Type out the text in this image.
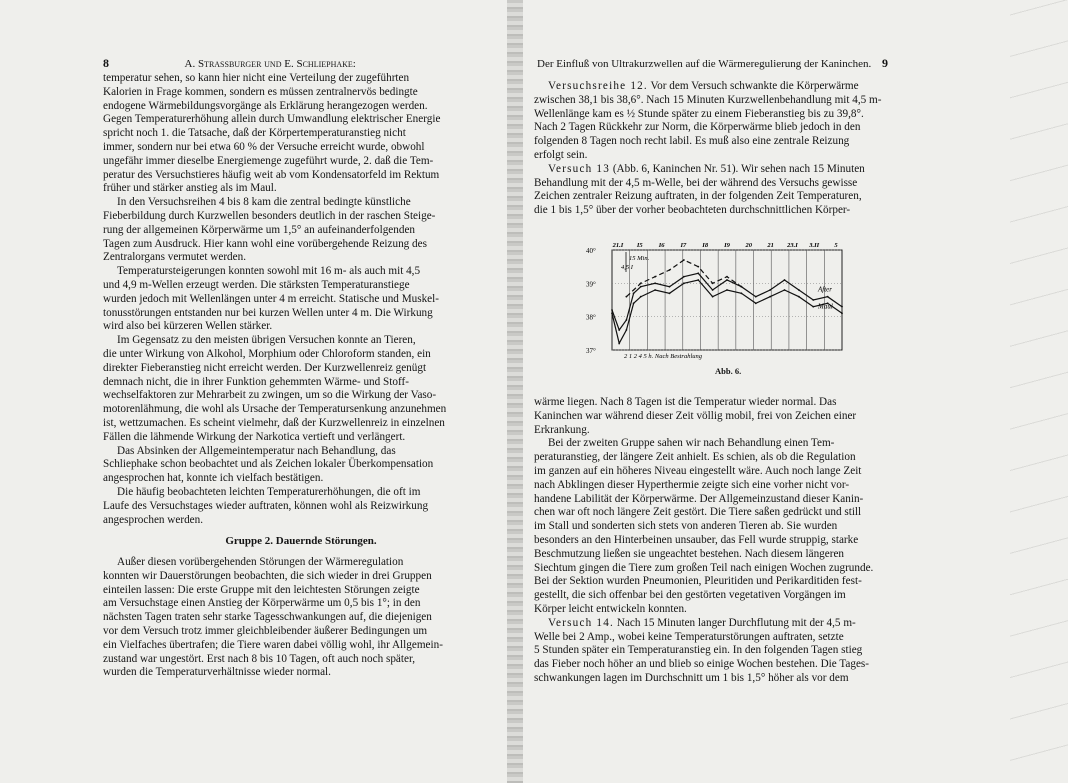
8	A. Strassburger und E. Schliephake:

temperatur sehen, so kann hier nicht eine Verteilung der zugeführten
Kalorien in Frage kommen, sondern es müssen zentralnervös bedingte
endogene Wärmebildungsvorgänge als Erklärung herangezogen werden.
Gegen Temperaturerhöhung allein durch Umwandlung elektrischer Energie
spricht noch 1. die Tatsache, daß der Körpertemperaturanstieg nicht
immer, sondern nur bei etwa 60 % der Versuche erreicht wurde, obwohl
ungefähr immer dieselbe Energiemenge zugeführt wurde, 2. daß die Tem-
peratur des Versuchstieres häufig weit ab vom Kondensatorfeld im Rektum
früher und stärker anstieg als im Maul.

In den Versuchsreihen 4 bis 8 kam die zentral bedingte künstliche
Fieberbildung durch Kurzwellen besonders deutlich in der raschen Steige-
rung der allgemeinen Körperwärme um 1,5° an aufeinanderfolgenden
Tagen zum Ausdruck. Hier kann wohl eine vorübergehende Reizung des
Zentralorgans vermutet werden.

Temperatursteigerungen konnten sowohl mit 16 m- als auch mit 4,5
und 4,9 m-Wellen erzeugt werden. Die stärksten Temperaturanstiege
wurden jedoch mit Wellenlängen unter 4 m erreicht. Statische und Muskel-
tonusstörungen entstanden nur bei kurzen Wellen unter 4 m. Die Wirkung
wird also bei kürzeren Wellen stärker.

Im Gegensatz zu den meisten übrigen Versuchen konnte an Tieren,
die unter Wirkung von Alkohol, Morphium oder Chloroform standen, ein
direkter Fieberanstieg nicht erreicht werden. Der Kurzwellenreiz genügt
demnach nicht, die in ihrer Funktion gehemmten Wärme- und Stoff-
wechselfaktoren zur Mehrarbeit zu zwingen, um so die Wirkung der Vaso-
motorenlähmung, die wohl als Ursache der Temperatursenkung anzunehmen
ist, wettzumachen. Es scheint vielmehr, daß der Kurzwellenreiz in einzelnen
Fällen die lähmende Wirkung der Narkotica vertieft und verlängert.

Das Absinken der Allgemeintemperatur nach Behandlung, das
Schliephake schon beobachtet und als Zeichen lokaler Überkompensation
angesprochen hat, konnte ich vielfach bestätigen.

Die häufig beobachteten leichten Temperaturerhöhungen, die oft im
Laufe des Versuchstages wieder auftraten, können wohl als Reizwirkung
angesprochen werden.

Gruppe 2. Dauernde Störungen.

Außer diesen vorübergehenden Störungen der Wärmeregulation
konnten wir Dauerstörungen beobachten, die sich wieder in drei Gruppen
einteilen lassen: Die erste Gruppe mit den leichtesten Störungen zeigte
am Versuchstage einen Anstieg der Körperwärme um 0,5 bis 1°; in den
nächsten Tagen traten sehr starke Tagesschwankungen auf, die diejenigen
vor dem Versuch trotz immer gleichbleibender äußerer Bedingungen um
ein Vielfaches übertrafen; die Tiere waren dabei völlig wohl, ihr Allgemein-
zustand war ungestört. Erst nach 8 bis 10 Tagen, oft auch noch später,
wurden die Temperaturverhältnisse wieder normal.

Der Einfluß von Ultrakurzwellen auf die Wärmeregulierung der Kaninchen. 9

Versuchsreihe 12. Vor dem Versuch schwankte die Körperwärme
zwischen 38,1 bis 38,6°. Nach 15 Minuten Kurzwellenbehandlung mit 4,5 m-
Wellenlänge kam es ½ Stunde später zu einem Fieberanstieg bis zu 39,8°.
Nach 2 Tagen Rückkehr zur Norm, die Körperwärme blieb jedoch in den
folgenden 8 Tagen noch recht labil. Es muß also eine zentrale Reizung
erfolgt sein.

Versuch 13 (Abb. 6, Kaninchen Nr. 51). Wir sehen nach 15 Minuten
Behandlung mit der 4,5 m-Welle, bei der während des Versuchs gewisse
Zeichen zentraler Reizung auftraten, in der folgenden Zeit Temperaturen,
die 1 bis 1,5° über der vorher beobachteten durchschnittlichen Körper-

wärme liegen. Nach 8 Tagen ist die Temperatur wieder normal. Das
Kaninchen war während dieser Zeit völlig mobil, frei von Zeichen einer
Erkrankung.

Bei der zweiten Gruppe sahen wir nach Behandlung einen Tem-
peraturanstieg, der längere Zeit anhielt. Es schien, als ob die Regulation
im ganzen auf ein höheres Niveau eingestellt wäre. Auch noch lange Zeit
nach Abklingen dieser Hyperthermie zeigte sich eine vorher nicht vor-
handene Labilität der Körperwärme. Der Allgemeinzustand dieser Kanin-
chen war oft noch längere Zeit gestört. Die Tiere saßen gedrückt und still
im Stall und sonderten sich stets von anderen Tieren ab. Sie wurden
besonders an den Hinterbeinen unsauber, das Fell wurde struppig, starke
Beschmutzung ließen sie ungeachtet bestehen. Nach diesem längeren
Siechtum gingen die Tiere zum großen Teil nach einigen Wochen zugrunde.
Bei der Sektion wurden Pneumonien, Pleuritiden und Perikarditiden fest-
gestellt, die sich offenbar bei den gestörten vegetativen Vorgängen im
Körper leicht entwickeln konnten.

Versuch 14. Nach 15 Minuten langer Durchflutung mit der 4,5 m-
Welle bei 2 Amp., wobei keine Temperaturstörungen auftraten, setzte
5 Stunden später ein Temperaturanstieg ein. In den folgenden Tagen stieg
das Fieber noch höher an und blieb so einige Wochen bestehen. Die Tages-
schwankungen lagen im Durchschnitt um 1 bis 1,5° höher als vor dem

40°
39°
38°
37°
21.I I5 I6 I7 I8 I9 20 21 23.I 3.II 5
After
Maul
2 1 2 4 5 h. Nach Bestrahlung
15 Min.
4,5 I
Abb. 6.
